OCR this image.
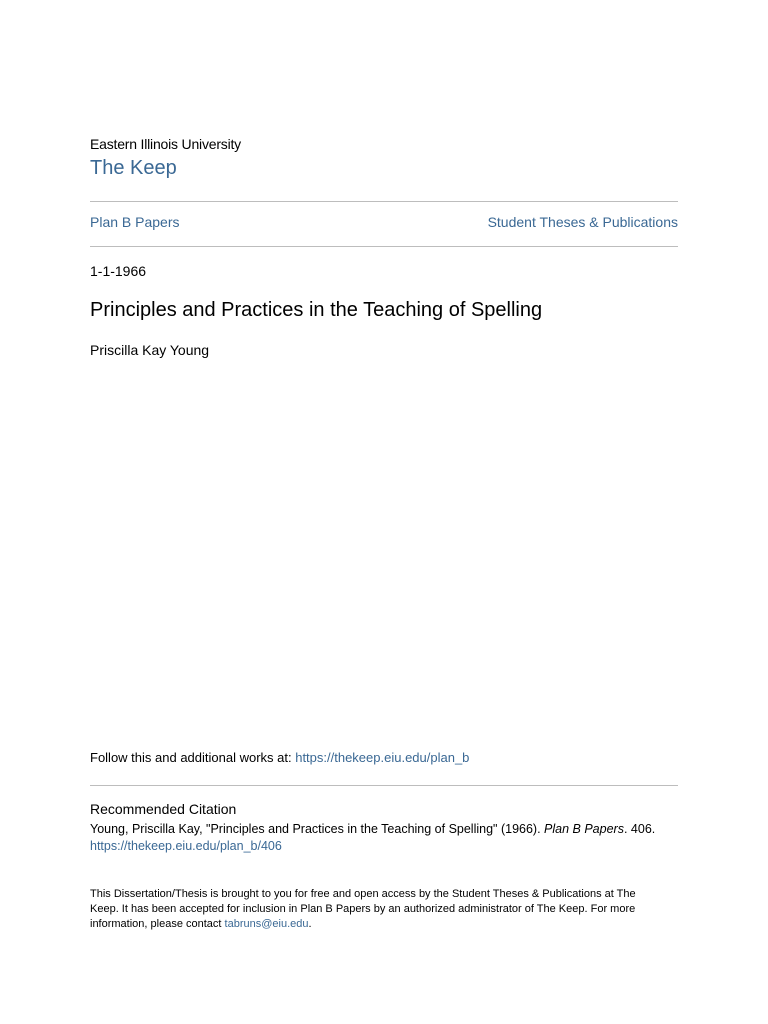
Eastern Illinois University
The Keep
Plan B Papers	Student Theses & Publications
1-1-1966
Principles and Practices in the Teaching of Spelling
Priscilla Kay Young
Follow this and additional works at: https://thekeep.eiu.edu/plan_b
Recommended Citation
Young, Priscilla Kay, "Principles and Practices in the Teaching of Spelling" (1966). Plan B Papers. 406.
https://thekeep.eiu.edu/plan_b/406
This Dissertation/Thesis is brought to you for free and open access by the Student Theses & Publications at The Keep. It has been accepted for inclusion in Plan B Papers by an authorized administrator of The Keep. For more information, please contact tabruns@eiu.edu.
